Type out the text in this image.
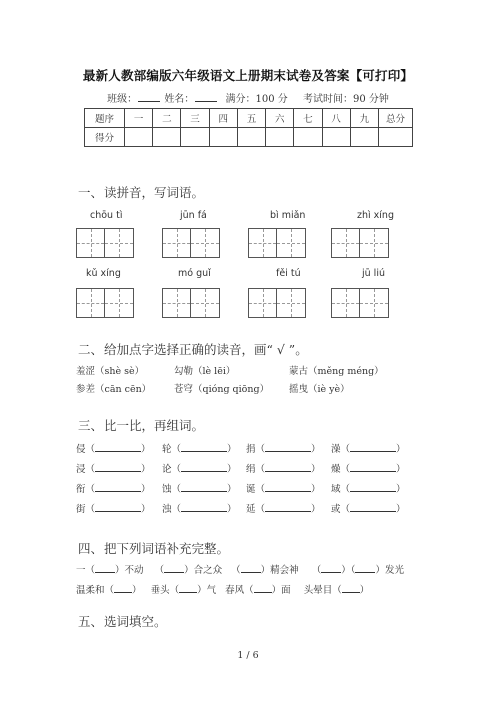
最新人教部编版六年级语文上册期末试卷及答案【可打印】
班级：	姓名：	满分：100 分 考试时间：90 分钟
题序	一	二	三	四	五	六	七	八	九	总分
得分										
一、读拼音，写词语。
chōu tì	jūn fá	bì miǎn	zhì xíng
kǔ xíng	mó guǐ	fěi tú	jū liú
二、给加点字选择正确的读音，画“ √ ”。
羞涩（shè sè）	勾勒（lè lēi）	蒙古（měng méng）
参差（cān cēn） 苍穹（qióng qiōng） 摇曳（iè yè）
三、比一比，再组词。
侵（	） 轮（	） 捐（	） 澡（	）
浸（	） 论（	） 绢（	） 燥（	）
衔（	） 蚀（	） 诞（	） 域（	）
街（	） 浊（	） 延（	） 或（	）
四、把下列词语补充完整。
一（ ）不动 （ ）合之众 （ ）精会神 （ ）（ ）发光
温柔和（ ） 垂头（ ）气 春风（ ）面 头晕目（ ）
五、选词填空。
1 / 6
